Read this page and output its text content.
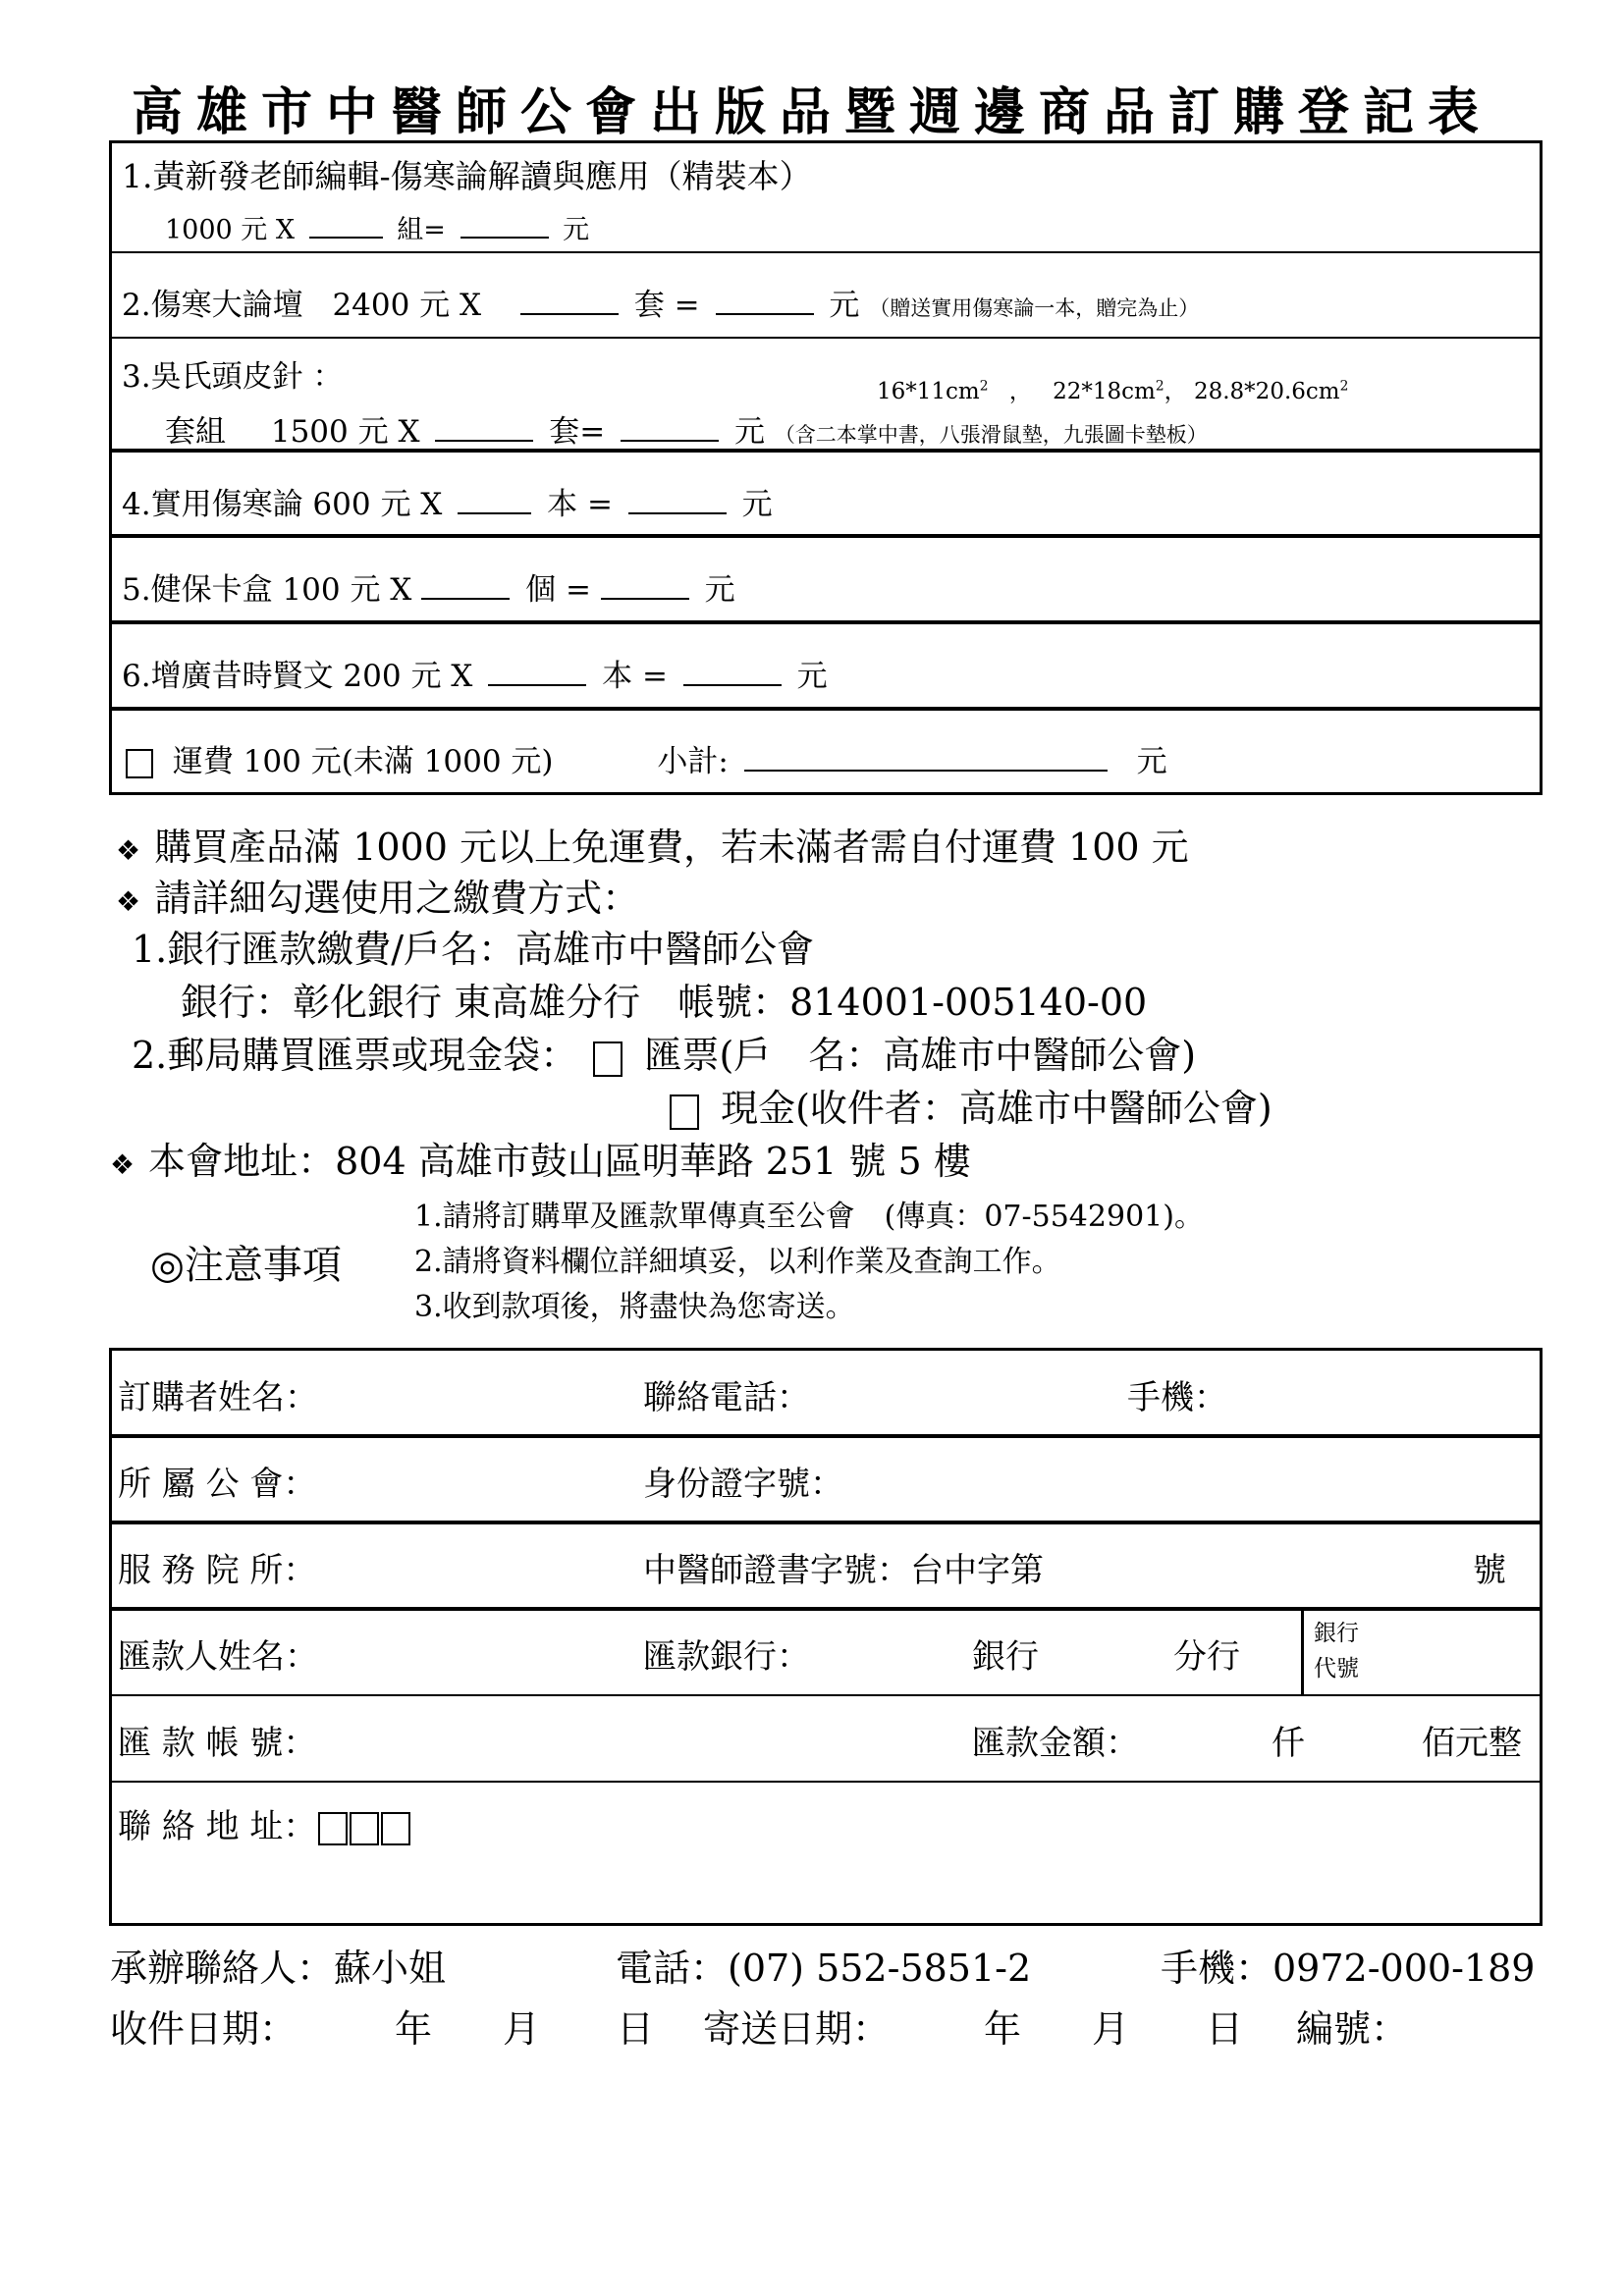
高雄市中醫師公會出版品暨週邊商品訂購登記表
1.黃新發老師編輯-傷寒論解讀與應用（精裝本）
1000 元 X	組=	元
2.傷寒大論壇 2400 元 X	套 =	元 （贈送實用傷寒論一本，贈完為止）
3.吳氏頭皮針 ：	$16*11cm^2$ ， $22*18cm^2$， $28.8*20.6cm^2$
套組 1500 元 X	套=	元 （含二本掌中書，八張滑鼠墊，九張圖卡墊板）
4.實用傷寒論 600 元 X	本 =	元
5.健保卡盒 100 元 X	個 =	元
6.增廣昔時賢文 200 元 X	本 =	元
運費 100 元(未滿 1000 元)	小計:	元
❖ 購買產品滿 1000 元以上免運費，若未滿者需自付運費 100 元
❖ 請詳細勾選使用之繳費方式：
1.銀行匯款繳費/戶名：高雄市中醫師公會
銀行：彰化銀行 東高雄分行　帳號：814001-005140-00
2.郵局購買匯票或現金袋： 匯票(戶　名：高雄市中醫師公會)
現金(收件者：高雄市中醫師公會)
❖ 本會地址：804 高雄市鼓山區明華路 251 號 5 樓
◎注意事項
1.請將訂購單及匯款單傳真至公會　(傳真：07-5542901)。
2.請將資料欄位詳細填妥，以利作業及查詢工作。
3.收到款項後，將盡快為您寄送。
訂購者姓名：	聯絡電話：	手機：
所 屬 公 會：	身份證字號：
服 務 院 所：	中醫師證書字號：台中字第	號
匯款人姓名：	匯款銀行：	銀行	分行
銀行
代號
匯 款 帳 號：	匯款金額：	仟	佰元整
聯 絡 地 址：
承辦聯絡人：蘇小姐	電話：(07) 552-5851-2	手機：0972-000-189
收件日期：	年 月 日 寄送日期：	年 月 日 編號：
